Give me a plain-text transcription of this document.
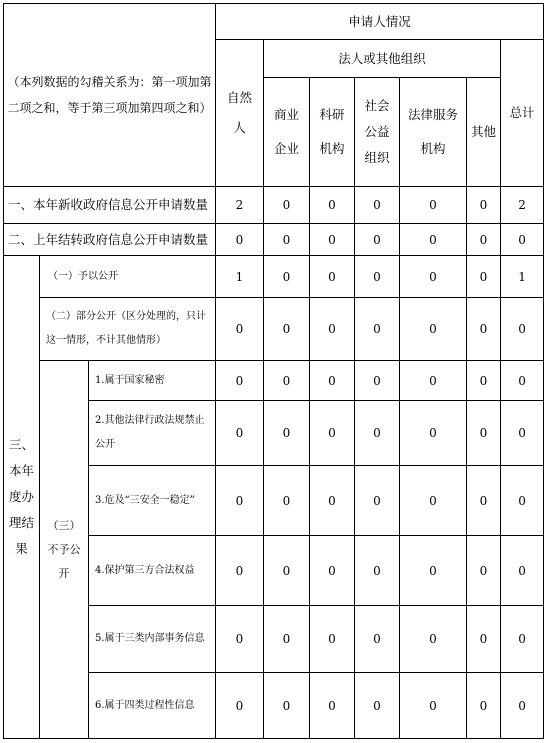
（本列数据的勾稽关系为：第一项加第二项之和，等于第三项加第四项之和）			申请人情况						

			自然人	法人或其他组织					总计

				商业企业	科研机构	社会公益组织	法律服务机构	其他	
一、本年新收政府信息公开申请数量			2	0	0	0	0	0	2
二、上年结转政府信息公开申请数量			0	0	0	0	0	0	0

三、本年度办理结果	（一）予以公开		1	0	0	0	0	0	1
	（二）部分公开（区分处理的，只计这一情形，不计其他情形）		0	0	0	0	0	0	0

	（三）不予公开	1.属于国家秘密	0	0	0	0	0	0	0
		2.其他法律行政法规禁止公开	0	0	0	0	0	0	0
		3.危及“三安全一稳定”	0	0	0	0	0	0	0
		4.保护第三方合法权益	0	0	0	0	0	0	0
		5.属于三类内部事务信息	0	0	0	0	0	0	0
		6.属于四类过程性信息	0	0	0	0	0	0	0
